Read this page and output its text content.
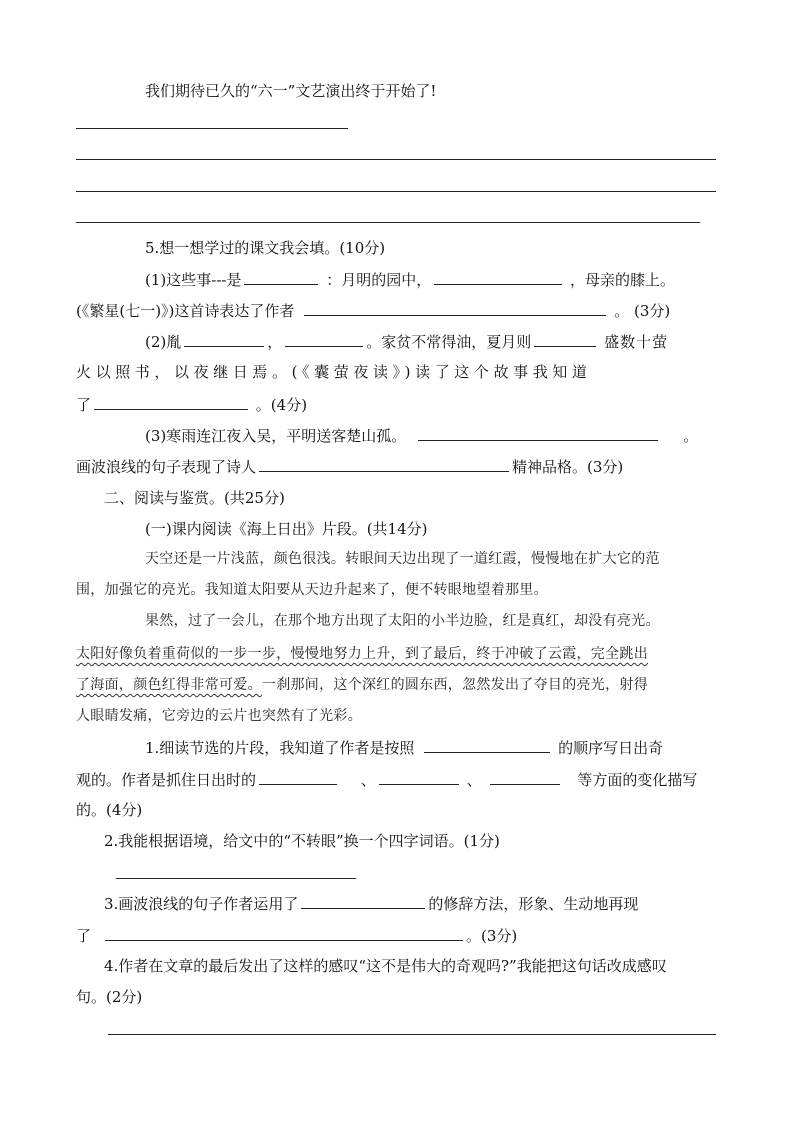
我们期待已久的“六一”文艺演出终于开始了!
5.想一想学过的课文我会填。(10分)
(1)这些事---是	：月明的园中，	，母亲的膝上。
(《繁星(七一)》)这首诗表达了作者	。 (3分)
(2)胤	，	。家贫不常得油，夏月则	盛数十萤
火以照书，以夜继日焉。(《囊萤夜读》)读了这个故事我知道
了	。(4分)
(3)寒雨连江夜入吴，平明送客楚山孤。	。
画波浪线的句子表现了诗人	精神品格。(3分)
二、阅读与鉴赏。(共25分)
(一)课内阅读《海上日出》片段。(共14分)
天空还是一片浅蓝，颜色很浅。转眼间天边出现了一道红霞，慢慢地在扩大它的范
围，加强它的亮光。我知道太阳要从天边升起来了，便不转眼地望着那里。
果然，过了一会儿，在那个地方出现了太阳的小半边脸，红是真红，却没有亮光。
太阳好像负着重荷似的一步一步，慢慢地努力上升，到了最后，终于冲破了云霞，完全跳出
了海面，颜色红得非常可爱。一刹那间，这个深红的圆东西，忽然发出了夺目的亮光，射得
人眼睛发痛，它旁边的云片也突然有了光彩。
1.细读节选的片段，我知道了作者是按照	的顺序写日出奇
观的。作者是抓住日出时的	、	、	等方面的变化描写
的。(4分)
2.我能根据语境，给文中的“不转眼”换一个四字词语。(1分)
3.画波浪线的句子作者运用了	的修辞方法，形象、生动地再现
了	。(3分)
4.作者在文章的最后发出了这样的感叹“这不是伟大的奇观吗?”我能把这句话改成感叹
句。(2分)
